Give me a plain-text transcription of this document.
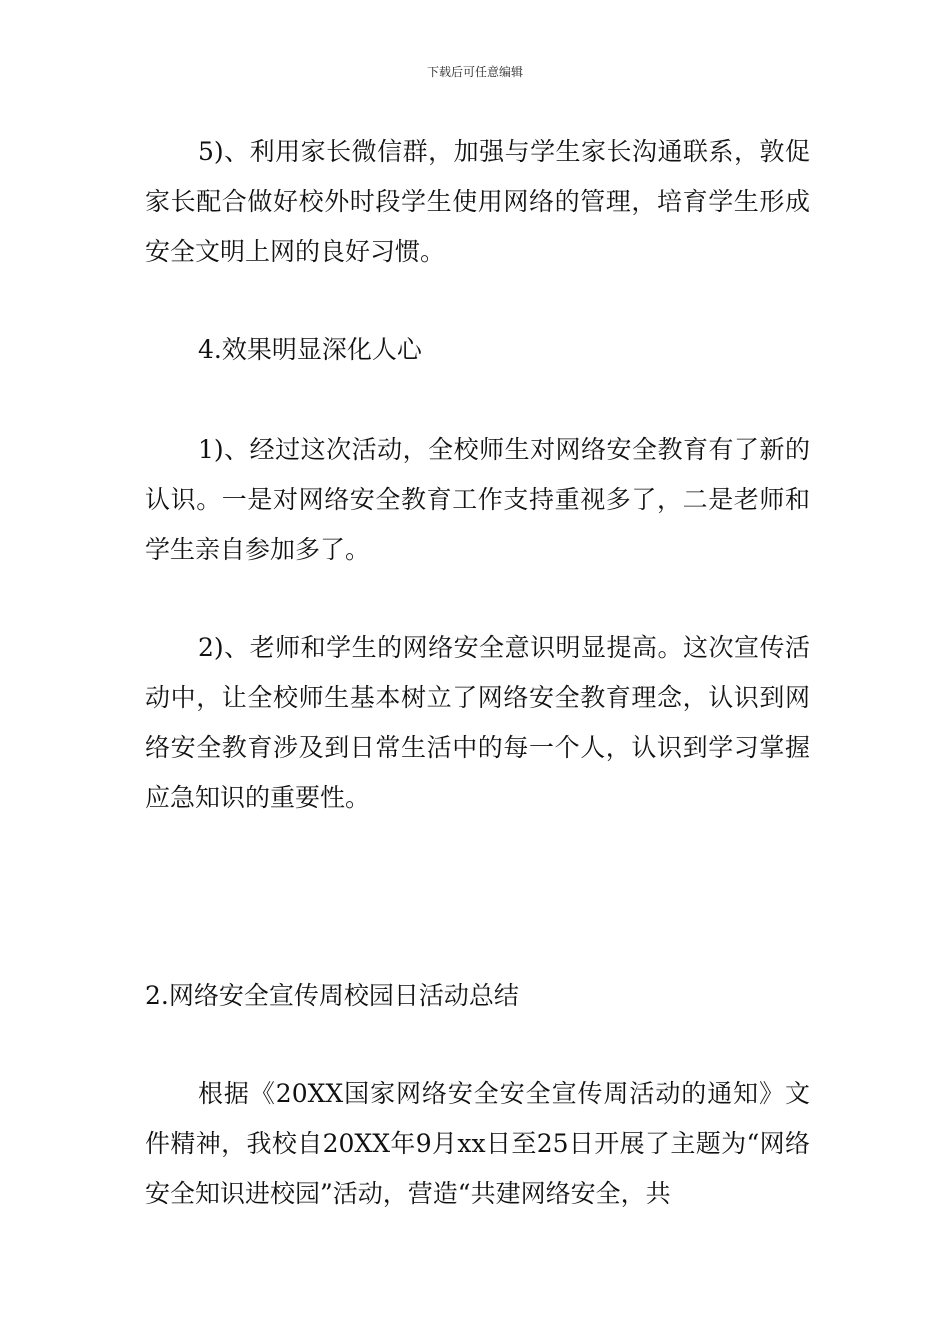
下载后可任意编辑

5)、利用家长微信群，加强与学生家长沟通联系，敦促家长配合做好校外时段学生使用网络的管理，培育学生形成安全文明上网的良好习惯。

4.效果明显深化人心

1)、经过这次活动，全校师生对网络安全教育有了新的认识。一是对网络安全教育工作支持重视多了，二是老师和学生亲自参加多了。

2)、老师和学生的网络安全意识明显提高。这次宣传活动中，让全校师生基本树立了网络安全教育理念，认识到网络安全教育涉及到日常生活中的每一个人，认识到学习掌握应急知识的重要性。

2.网络安全宣传周校园日活动总结

根据《20XX国家网络安全安全宣传周活动的通知》文件精神，我校自20XX年9月xx日至25日开展了主题为“网络安全知识进校园”活动，营造“共建网络安全，共
